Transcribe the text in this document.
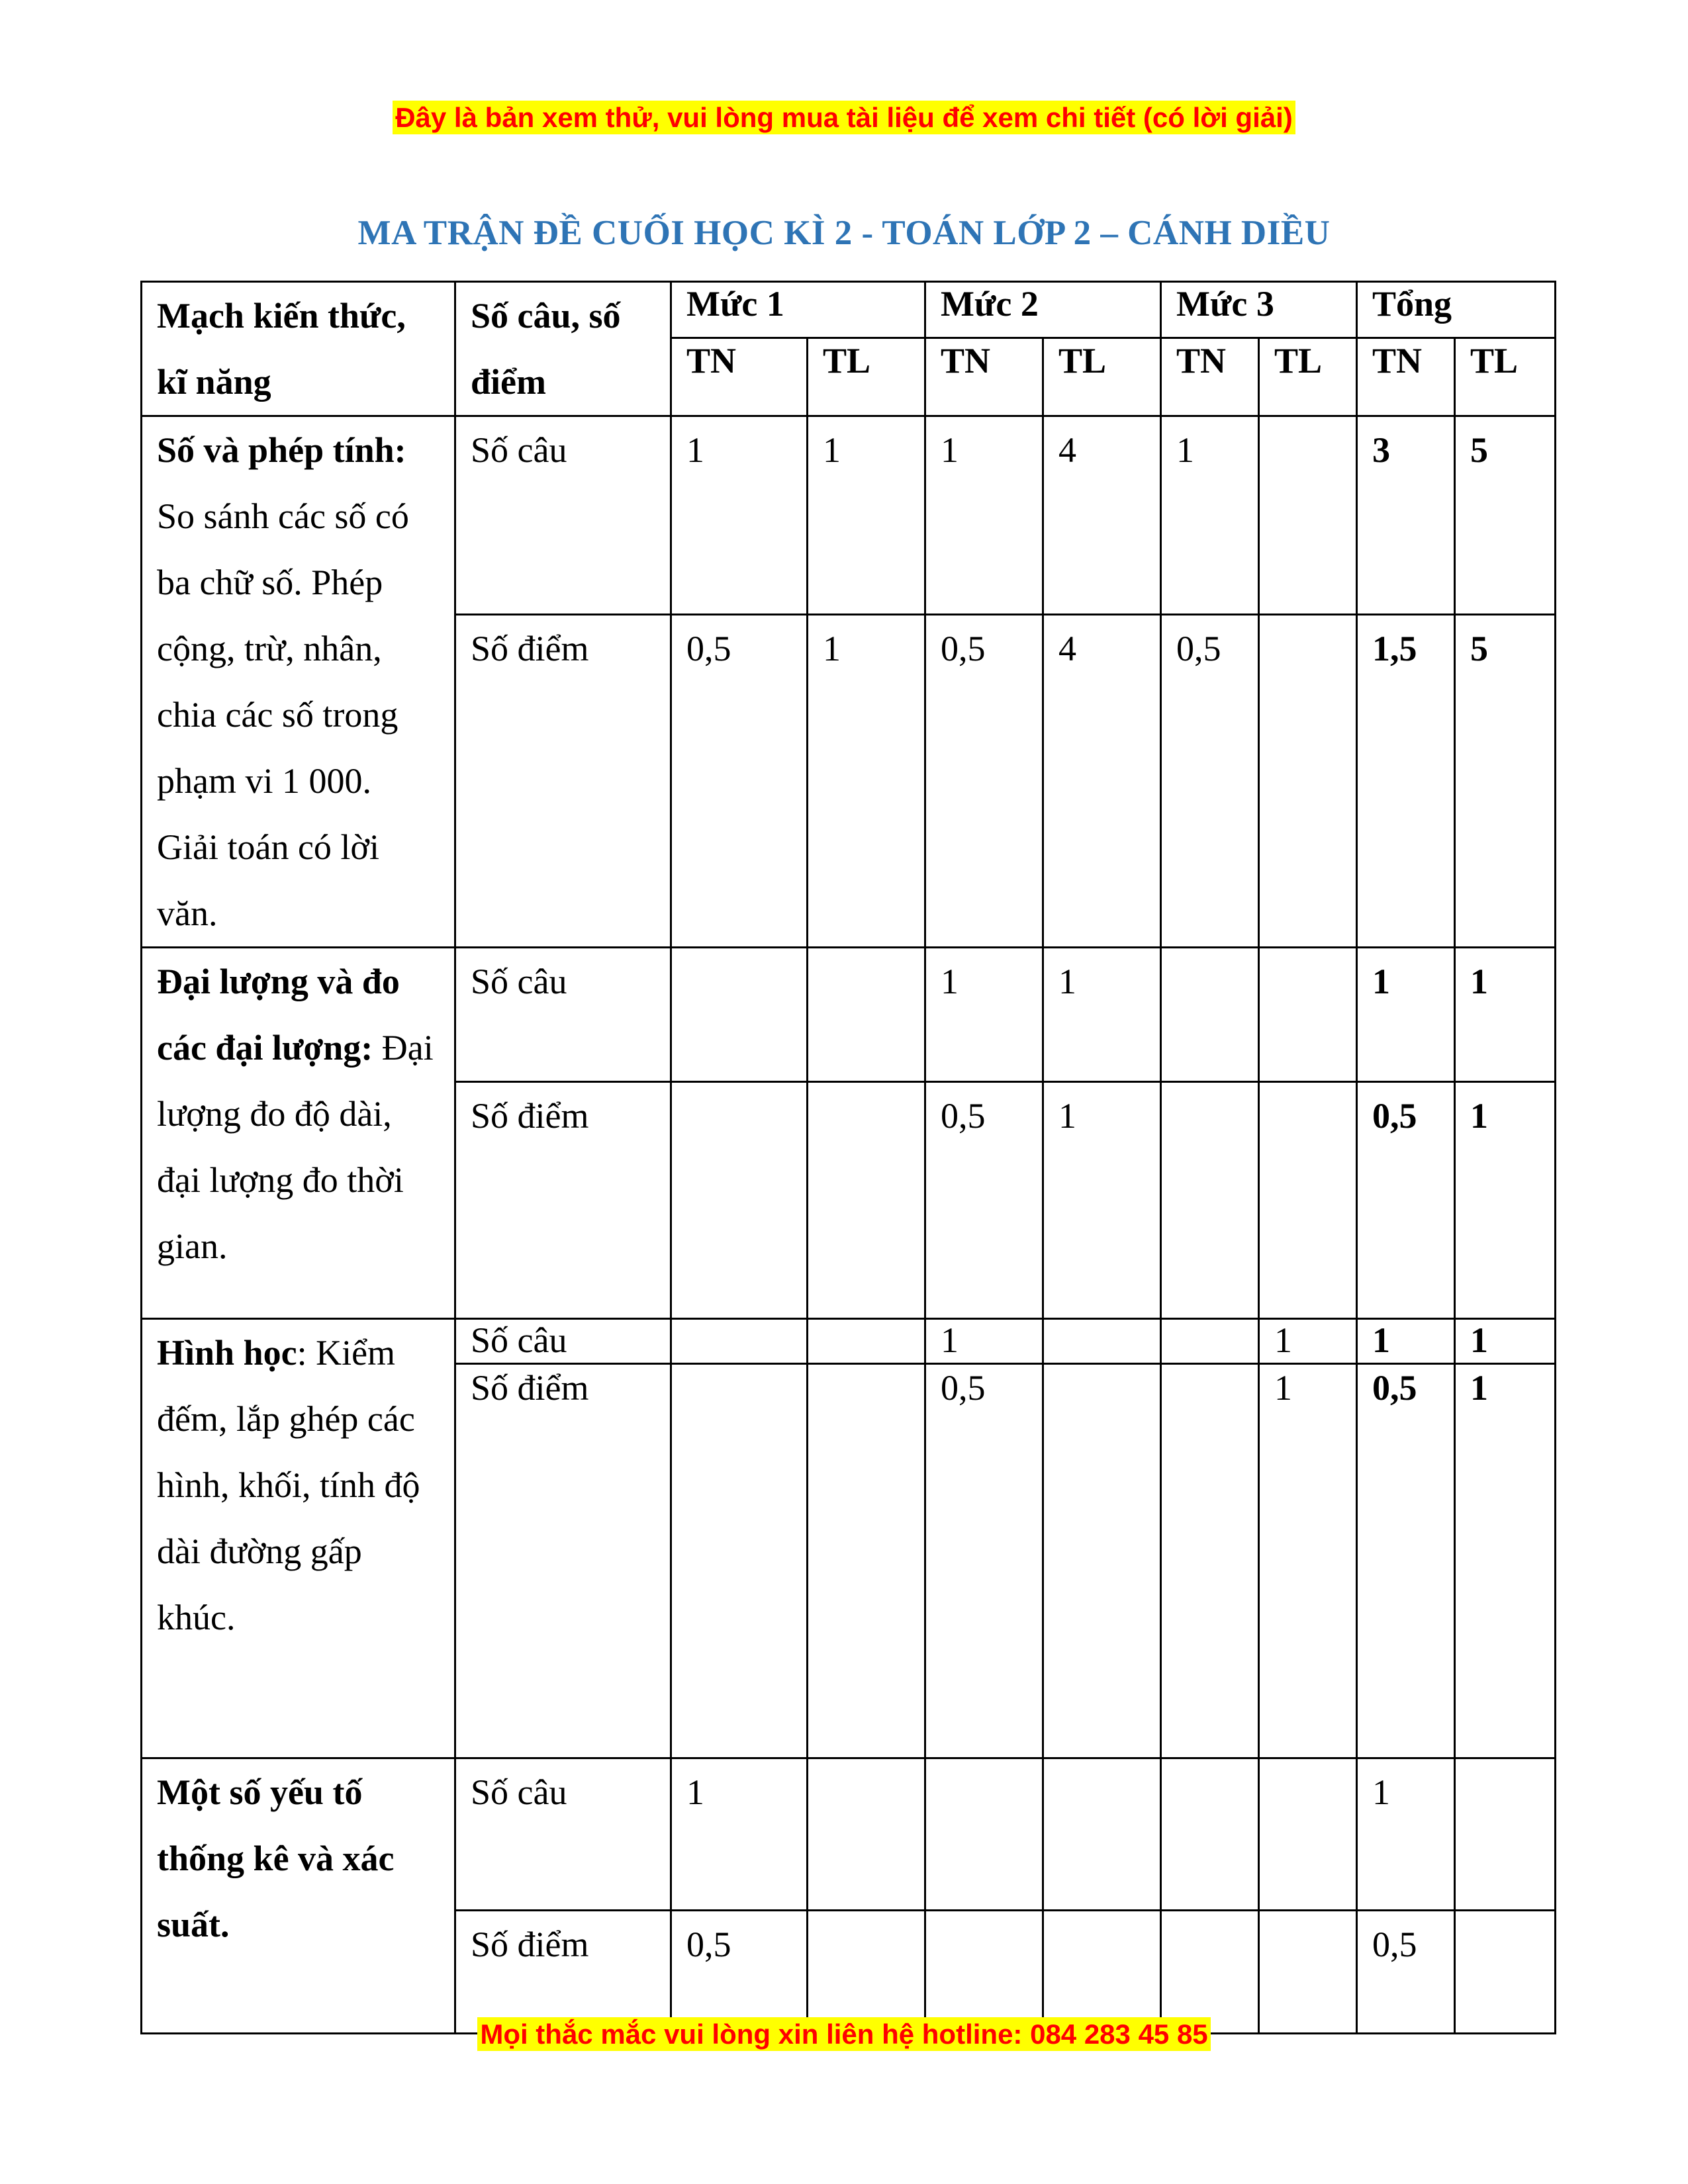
Đây là bản xem thử, vui lòng mua tài liệu để xem chi tiết (có lời giải)
MA TRẬN ĐỀ CUỐI HỌC KÌ 2 - TOÁN LỚP 2 – CÁNH DIỀU
Mạch kiến thức, kĩ năng	Số câu, số điểm	Mức 1		Mức 2		Mức 3		Tổng	
		TN	TL	TN	TL	TN	TL	TN	TL
Số và phép tính: So sánh các số có ba chữ số. Phép cộng, trừ, nhân, chia các số trong phạm vi 1 000. Giải toán có lời văn.	Số câu	1	1	1	4	1		3	5
	Số điểm	0,5	1	0,5	4	0,5		1,5	5
Đại lượng và đo các đại lượng: Đại lượng đo độ dài, đại lượng đo thời gian.	Số câu			1	1			1	1
	Số điểm			0,5	1			0,5	1
Hình học: Kiểm đếm, lắp ghép các hình, khối, tính độ dài đường gấp khúc.	Số câu			1			1	1	1
	Số điểm			0,5			1	0,5	1
Một số yếu tố thống kê và xác suất.	Số câu	1						1	
	Số điểm	0,5						0,5	
Mọi thắc mắc vui lòng xin liên hệ hotline: 084 283 45 85
